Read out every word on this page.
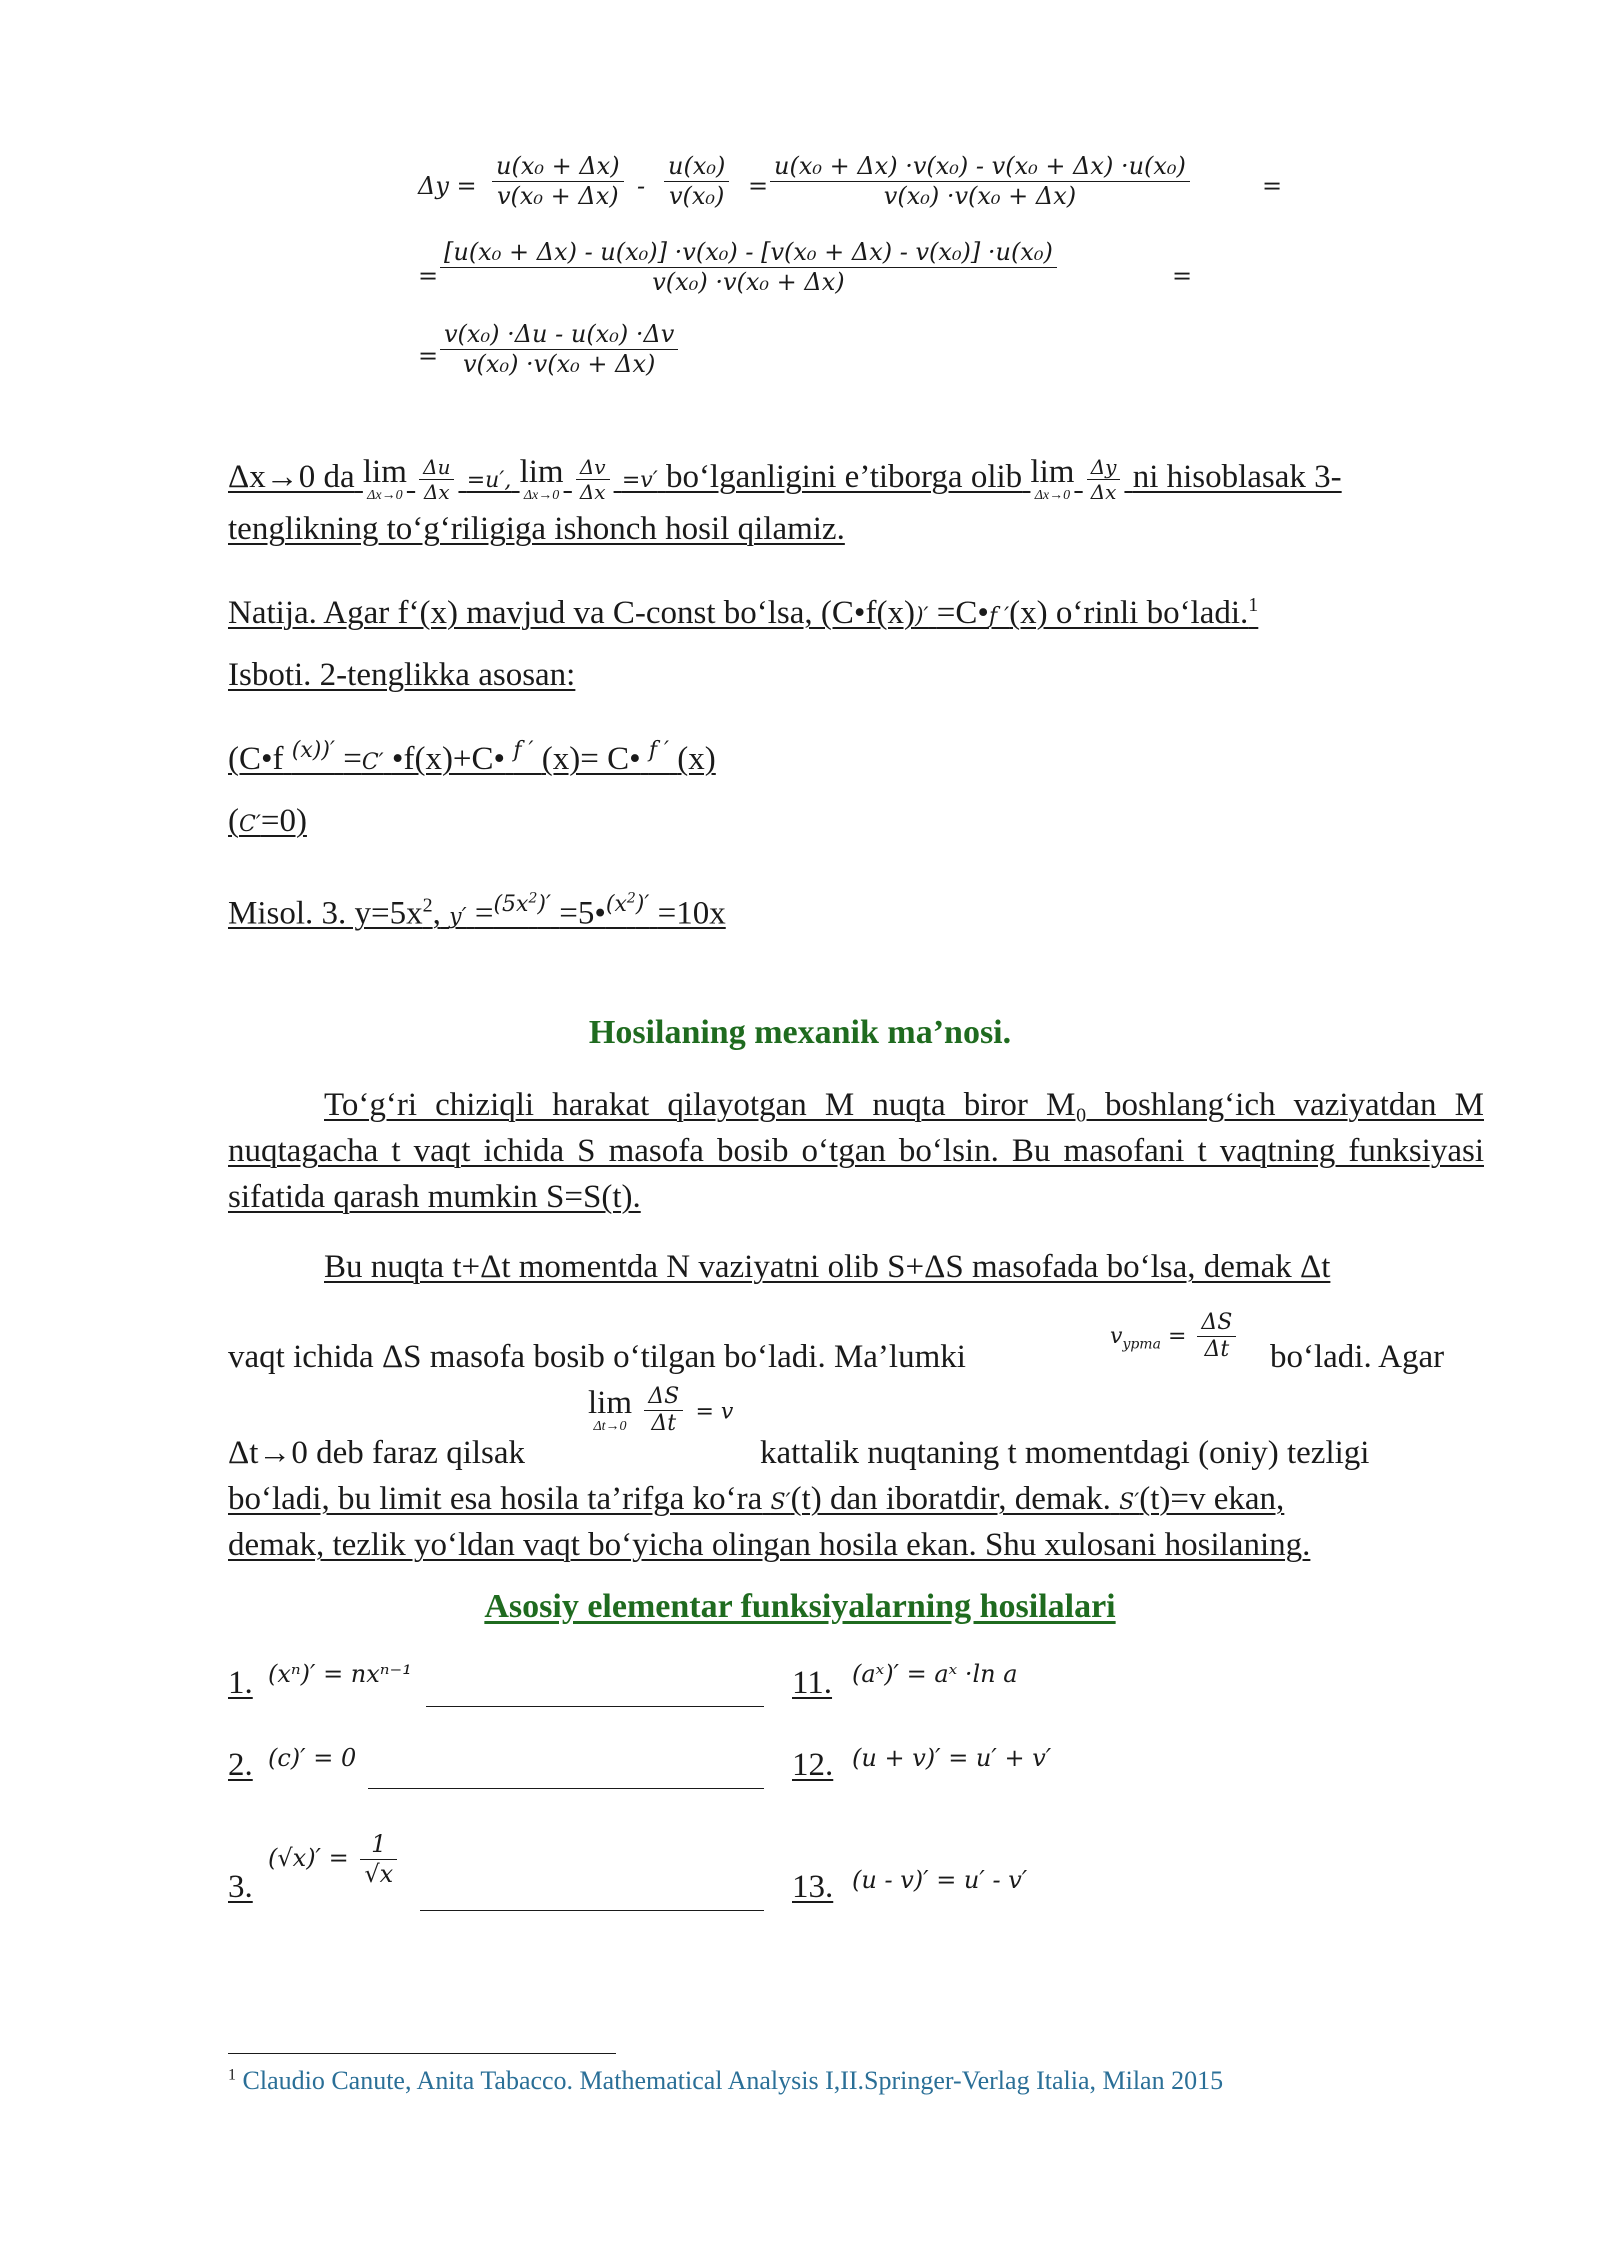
$\Delta y = \frac{\text{u(x₀ + Δx)}}{\text{v(x₀ + Δx)}} - \frac{\text{u(x₀)}}{\text{v(x₀)}} = \frac{\text{u(x₀ + Δx) ·v(x₀) - v(x₀ + Δx) ·u(x₀)}}{\text{v(x₀) ·v(x₀ + Δx)}}$	=
= $\frac{\text{[u(x₀ + Δx) - u(x₀)] ·v(x₀) - [v(x₀ + Δx) - v(x₀)] ·u(x₀)}}{\text{v(x₀) ·v(x₀ + Δx)}}$	=
= $\frac{\text{v(x₀) ·Δu - u(x₀) ·Δv}}{\text{v(x₀) ·v(x₀ + Δx)}}$
Δx→0 da lim
Δx→0
$\frac{\Delta u}{\Delta x} =u'$, lim
Δx→0
$\frac{\Delta v}{\Delta x} =v'$ bo‘lganligini e’tiborga olib lim
Δx→0
$\frac{\Delta y}{\Delta x}$ ni hisoblasak 3-
tenglikning to‘g‘riligiga ishonch hosil qilamiz.
Natija. Agar f‘(x) mavjud va C-const bo‘lsa, (C•f(x))′ =C•f ′(x) o‘rinli bo‘ladi.$^1$
Isboti. 2-tenglikka asosan:
(C•f $^{(x))'}$ =C′ •f(x)+C• $^{f '}$ (x)= C• $^{f '}$ (x)
(C′=0)
Misol. 3. $y=5x^2$, y′ =$^{(5x^2)'}$ =5•$^{(x^2)'}$ =10x
Hosilaning mexanik ma’nosi.
To‘g‘ri chiziqli harakat qilayotgan M nuqta biror M₀ boshlang‘ich vaziyatdan M nuqtagacha t vaqt ichida S masofa bosib o‘tgan bo‘lsin. Bu masofani t vaqtning funksiyasi sifatida qarash mumkin S=S(t).
Bu nuqta t+Δt momentda N vaziyatni olib S+ΔS masofada bo‘lsa, demak Δt
vaqt ichida ΔS masofa bosib o‘tilgan bo‘ladi. Ma’lumki
$v_{ypma} = \frac{\Delta S}{\Delta t}$ bo‘ladi. Agar
Δt→0 deb faraz qilsak
lim
Δt→0
$\frac{\Delta S}{\Delta t} = v$
kattalik nuqtaning t momentdagi (oniy) tezligi
bo‘ladi, bu limit esa hosila ta’rifga ko‘ra S′(t) dan iboratdir, demak. S′(t)=v ekan,
demak, tezlik yo‘ldan vaqt bo‘yicha olingan hosila ekan. Shu xulosani hosilaning.
Asosiy elementar funksiyalarning hosilalari
1. (xⁿ)′ = nxⁿ⁻¹	11. (aˣ)′ = aˣ ·ln a
2. (c)′ = 0	12. (u + v)′ = u′ + v′
3.
$(√x)' = \frac{1}{√x}$	13. (u - v)′ = u′ - v′
$^1$ Claudio Canute, Anita Tabacco. Mathematical Analysis I,II.Springer-Verlag Italia, Milan 2015
